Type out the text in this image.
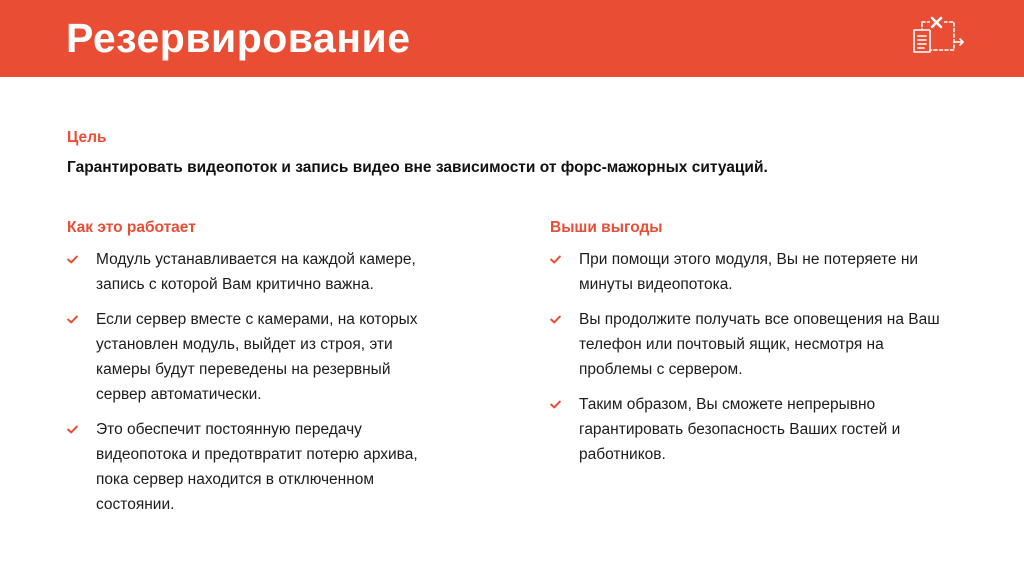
Резервирование
Цель
Гарантировать видеопоток и запись видео вне зависимости от форс-мажорных ситуаций.
Как это работает
Модуль устанавливается на каждой камере, запись с которой Вам критично важна.
Если сервер вместе с камерами, на которых установлен модуль, выйдет из строя, эти камеры будут переведены на резервный сервер автоматически.
Это обеспечит постоянную передачу видеопотока и предотвратит потерю архива, пока сервер находится в отключенном состоянии.
Выши выгоды
При помощи этого модуля, Вы не потеряете ни минуты видеопотока.
Вы продолжите получать все оповещения на Ваш телефон или почтовый ящик, несмотря на проблемы с сервером.
Таким образом, Вы сможете непрерывно гарантировать безопасность Ваших гостей и работников.
